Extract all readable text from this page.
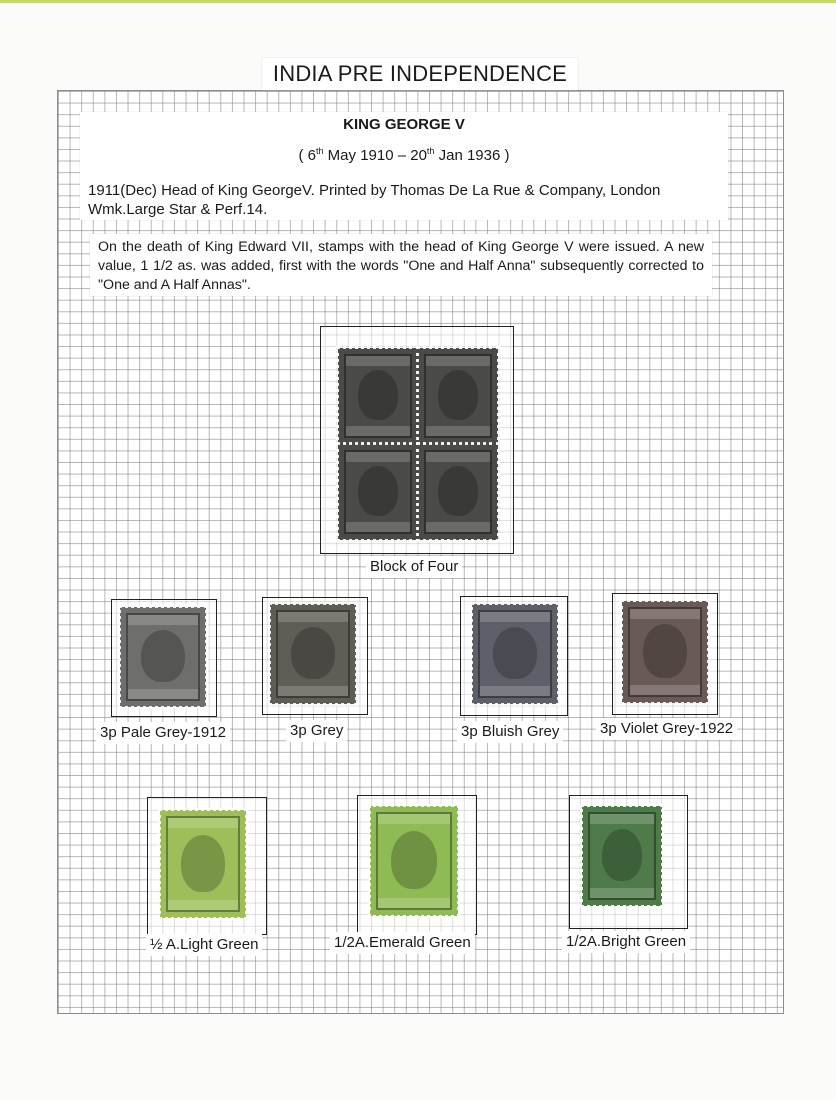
INDIA PRE INDEPENDENCE
KING GEORGE V
( 6th May 1910 – 20th Jan 1936 )
1911(Dec) Head of King GeorgeV. Printed by Thomas De La Rue & Company, London
Wmk.Large Star & Perf.14.
On the death of King Edward VII, stamps with the head of King George V were issued. A new value, 1 1/2 as. was added, first with the words "One and Half Anna" subsequently corrected to "One and A Half Annas".
Block of Four
3p Pale Grey-1912	3p Grey	3p Bluish Grey	3p Violet Grey-1922
½ A.Light Green	1/2A.Emerald Green	1/2A.Bright Green
